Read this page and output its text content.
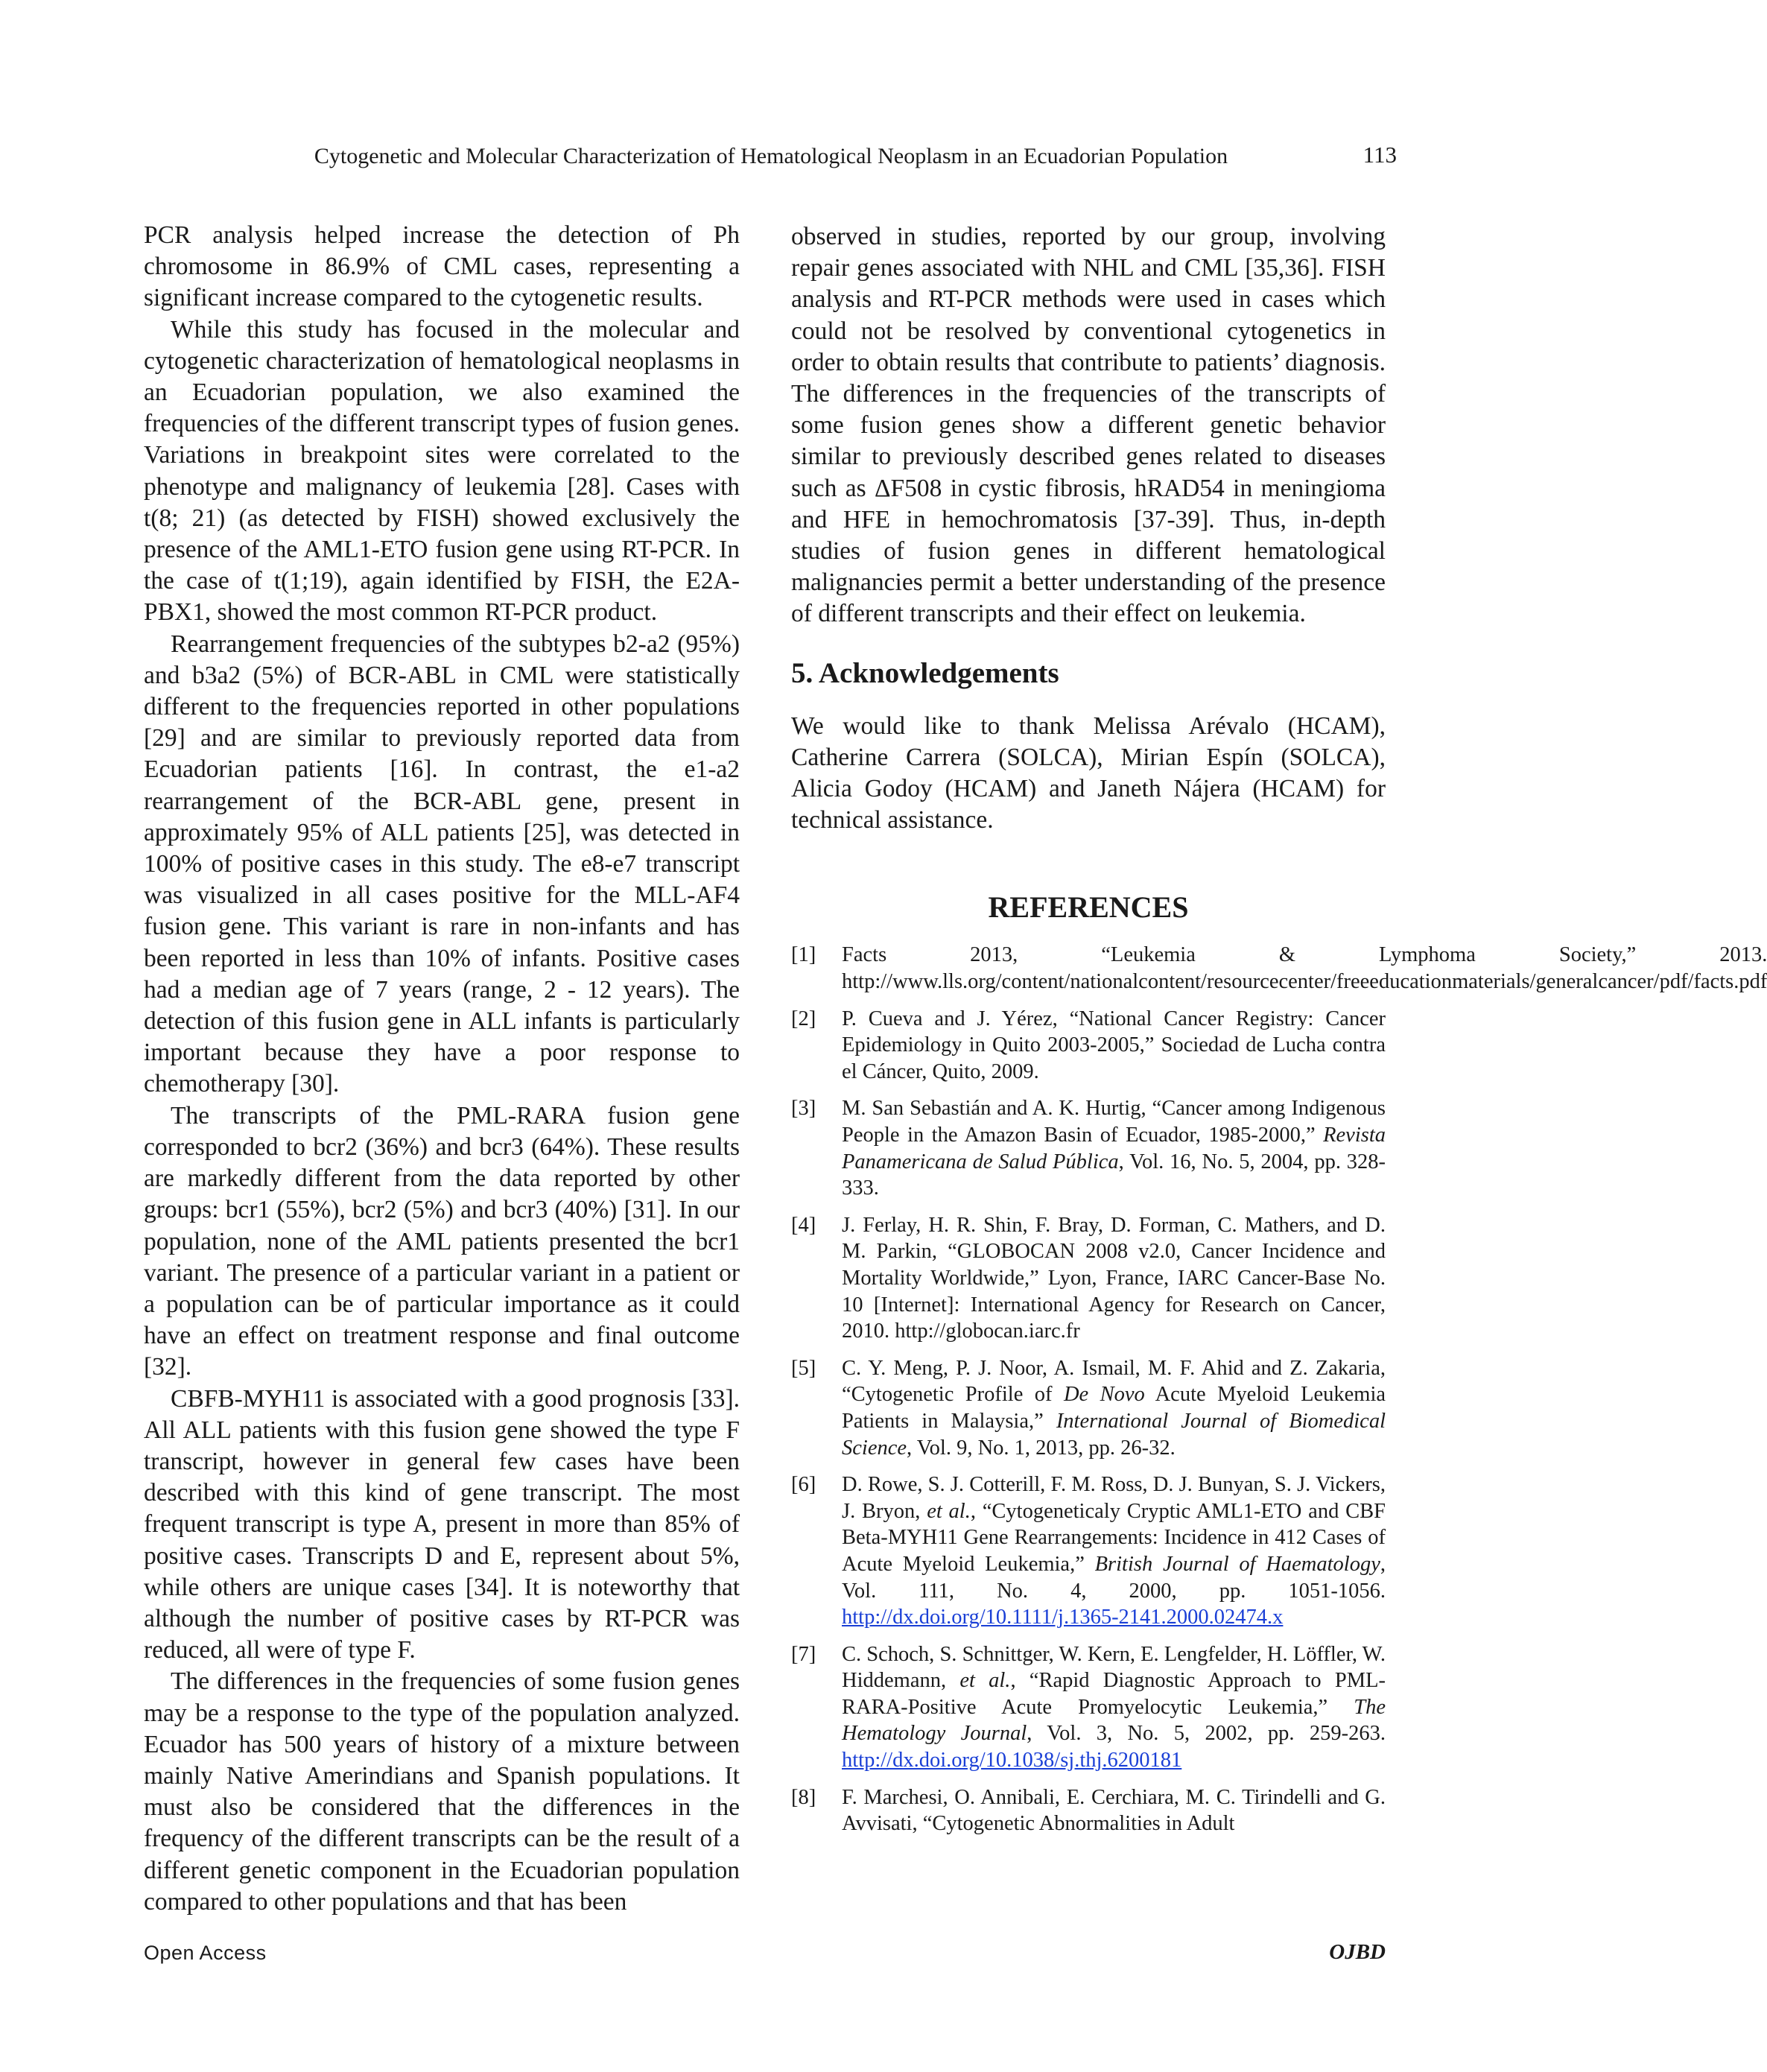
Cytogenetic and Molecular Characterization of Hematological Neoplasm in an Ecuadorian Population	113

PCR analysis helped increase the detection of Ph chromosome in 86.9% of CML cases, representing a significant increase compared to the cytogenetic results.

While this study has focused in the molecular and cytogenetic characterization of hematological neoplasms in an Ecuadorian population, we also examined the frequencies of the different transcript types of fusion genes. Variations in breakpoint sites were correlated to the phenotype and malignancy of leukemia [28]. Cases with t(8; 21) (as detected by FISH) showed exclusively the presence of the AML1-ETO fusion gene using RT-PCR. In the case of t(1;19), again identified by FISH, the E2A-PBX1, showed the most common RT-PCR product.

Rearrangement frequencies of the subtypes b2-a2 (95%) and b3a2 (5%) of BCR-ABL in CML were statistically different to the frequencies reported in other populations [29] and are similar to previously reported data from Ecuadorian patients [16]. In contrast, the e1-a2 rearrangement of the BCR-ABL gene, present in approximately 95% of ALL patients [25], was detected in 100% of positive cases in this study. The e8-e7 transcript was visualized in all cases positive for the MLL-AF4 fusion gene. This variant is rare in non-infants and has been reported in less than 10% of infants. Positive cases had a median age of 7 years (range, 2 - 12 years). The detection of this fusion gene in ALL infants is particularly important because they have a poor response to chemotherapy [30].

The transcripts of the PML-RARA fusion gene corresponded to bcr2 (36%) and bcr3 (64%). These results are markedly different from the data reported by other groups: bcr1 (55%), bcr2 (5%) and bcr3 (40%) [31]. In our population, none of the AML patients presented the bcr1 variant. The presence of a particular variant in a patient or a population can be of particular importance as it could have an effect on treatment response and final outcome [32].

CBFB-MYH11 is associated with a good prognosis [33]. All ALL patients with this fusion gene showed the type F transcript, however in general few cases have been described with this kind of gene transcript. The most frequent transcript is type A, present in more than 85% of positive cases. Transcripts D and E, represent about 5%, while others are unique cases [34]. It is noteworthy that although the number of positive cases by RT-PCR was reduced, all were of type F.

The differences in the frequencies of some fusion genes may be a response to the type of the population analyzed. Ecuador has 500 years of history of a mixture between mainly Native Amerindians and Spanish populations. It must also be considered that the differences in the frequency of the different transcripts can be the result of a different genetic component in the Ecuadorian population compared to other populations and that has been

observed in studies, reported by our group, involving repair genes associated with NHL and CML [35,36]. FISH analysis and RT-PCR methods were used in cases which could not be resolved by conventional cytogenetics in order to obtain results that contribute to patients’ diagnosis. The differences in the frequencies of the transcripts of some fusion genes show a different genetic behavior similar to previously described genes related to diseases such as ΔF508 in cystic fibrosis, hRAD54 in meningioma and HFE in hemochromatosis [37-39]. Thus, in-depth studies of fusion genes in different hematological malignancies permit a better understanding of the presence of different transcripts and their effect on leukemia.

5. Acknowledgements

We would like to thank Melissa Arévalo (HCAM), Catherine Carrera (SOLCA), Mirian Espín (SOLCA), Alicia Godoy (HCAM) and Janeth Nájera (HCAM) for technical assistance.

REFERENCES
[1]	Facts 2013, “Leukemia & Lymphoma Society,” 2013. http://www.lls.org/content/nationalcontent/resourcecenter/freeeducationmaterials/generalcancer/pdf/facts.pdf
[2]	P. Cueva and J. Yérez, “National Cancer Registry: Cancer Epidemiology in Quito 2003-2005,” Sociedad de Lucha contra el Cáncer, Quito, 2009.
[3]	M. San Sebastián and A. K. Hurtig, “Cancer among Indigenous People in the Amazon Basin of Ecuador, 1985-2000,” Revista Panamericana de Salud Pública, Vol. 16, No. 5, 2004, pp. 328-333.
[4]	J. Ferlay, H. R. Shin, F. Bray, D. Forman, C. Mathers, and D. M. Parkin, “GLOBOCAN 2008 v2.0, Cancer Incidence and Mortality Worldwide,” Lyon, France, IARC Cancer-Base No. 10 [Internet]: International Agency for Research on Cancer, 2010. http://globocan.iarc.fr
[5]	C. Y. Meng, P. J. Noor, A. Ismail, M. F. Ahid and Z. Zakaria, “Cytogenetic Profile of De Novo Acute Myeloid Leukemia Patients in Malaysia,” International Journal of Biomedical Science, Vol. 9, No. 1, 2013, pp. 26-32.
[6]	D. Rowe, S. J. Cotterill, F. M. Ross, D. J. Bunyan, S. J. Vickers, J. Bryon, et al., “Cytogeneticaly Cryptic AML1-ETO and CBF Beta-MYH11 Gene Rearrangements: Incidence in 412 Cases of Acute Myeloid Leukemia,” British Journal of Haematology, Vol. 111, No. 4, 2000, pp. 1051-1056. http://dx.doi.org/10.1111/j.1365-2141.2000.02474.x
[7]	C. Schoch, S. Schnittger, W. Kern, E. Lengfelder, H. Löffler, W. Hiddemann, et al., “Rapid Diagnostic Approach to PML-RARA-Positive Acute Promyelocytic Leukemia,” The Hematology Journal, Vol. 3, No. 5, 2002, pp. 259-263. http://dx.doi.org/10.1038/sj.thj.6200181
[8]	F. Marchesi, O. Annibali, E. Cerchiara, M. C. Tirindelli and G. Avvisati, “Cytogenetic Abnormalities in Adult
Open Access	OJBD
